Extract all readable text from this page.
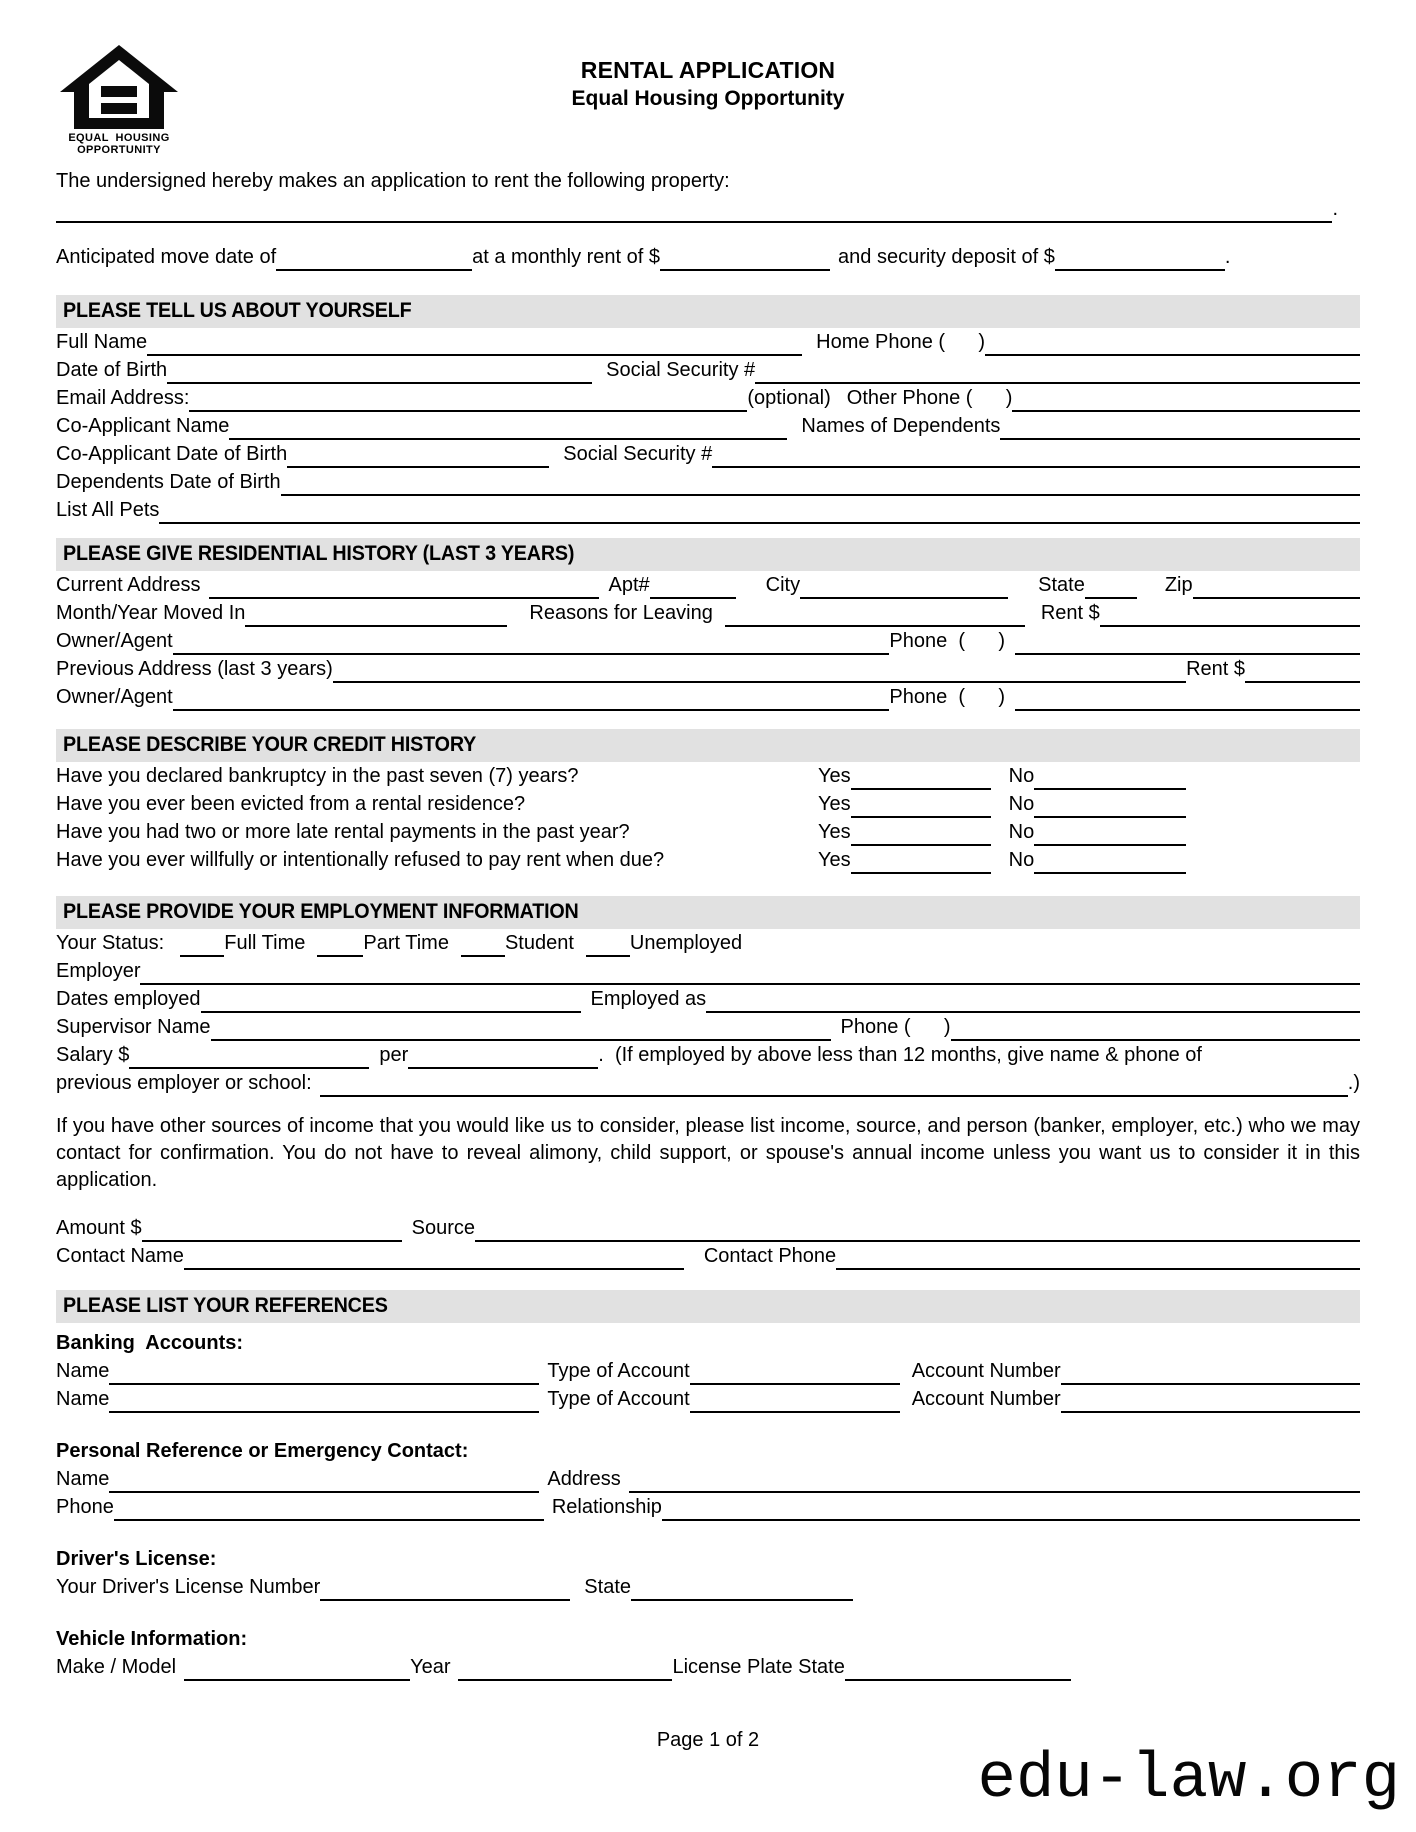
EQUAL  HOUSING
OPPORTUNITY
RENTAL APPLICATION
Equal Housing Opportunity
The undersigned hereby makes an application to rent the following property:
.
Anticipated move date of	at a monthly rent of $	and security deposit of $	.
PLEASE TELL US ABOUT YOURSELF
Full Name	Home Phone (      )
Date of Birth	Social Security #
Email Address:	(optional) Other Phone (      )
Co-Applicant Name	Names of Dependents
Co-Applicant Date of Birth	Social Security #
Dependents Date of Birth
List All Pets
PLEASE GIVE RESIDENTIAL HISTORY (LAST 3 YEARS)
Current Address	Apt#	City	State	Zip
Month/Year Moved In	Reasons for Leaving	Rent $
Owner/Agent	Phone  (      )
Previous Address (last 3 years)	Rent $
Owner/Agent	Phone  (      )
PLEASE DESCRIBE YOUR CREDIT HISTORY
Have you declared bankruptcy in the past seven (7) years?	Yes	No
Have you ever been evicted from a rental residence?	Yes	No
Have you had two or more late rental payments in the past year?	Yes	No
Have you ever willfully or intentionally refused to pay rent when due?	Yes	No
PLEASE PROVIDE YOUR EMPLOYMENT INFORMATION
Your Status:	Full Time	Part Time	Student	Unemployed
Employer
Dates employed	Employed as
Supervisor Name	Phone (      )
Salary $	per	.  (If employed by above less than 12 months, give name & phone of
previous employer or school:	.)
If you have other sources of income that you would like us to consider, please list income, source, and person (banker, employer, etc.) who we may contact for confirmation. You do not have to reveal alimony, child support, or spouse's annual income unless you want us to consider it in this application.
Amount $	Source
Contact Name	Contact Phone
PLEASE LIST YOUR REFERENCES
Banking  Accounts:
Name	Type of Account	Account Number
Name	Type of Account	Account Number
Personal Reference or Emergency Contact:
Name	Address
Phone	Relationship
Driver's License:
Your Driver's License Number	State
Vehicle Information:
Make / Model	Year	License Plate State
Page 1 of 2
edu-law.org
